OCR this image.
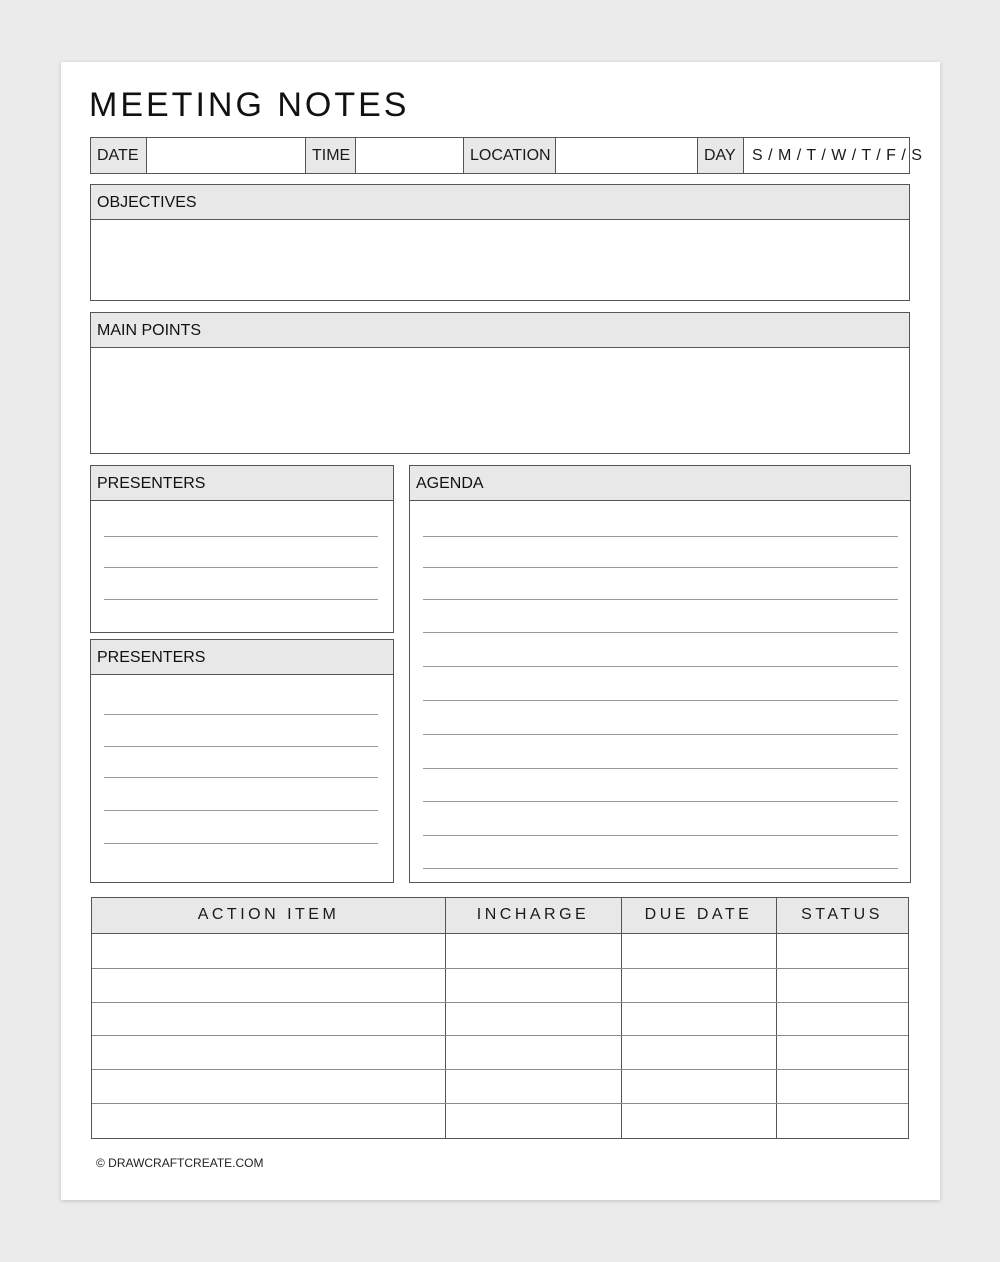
MEETING NOTES
DATE	TIME	LOCATION	DAY S / M / T / W / T / F / S
OBJECTIVES
MAIN POINTS
PRESENTERS
PRESENTERS
AGENDA
ACTION ITEM	INCHARGE	DUE DATE	STATUS
© DRAWCRAFTCREATE.COM
